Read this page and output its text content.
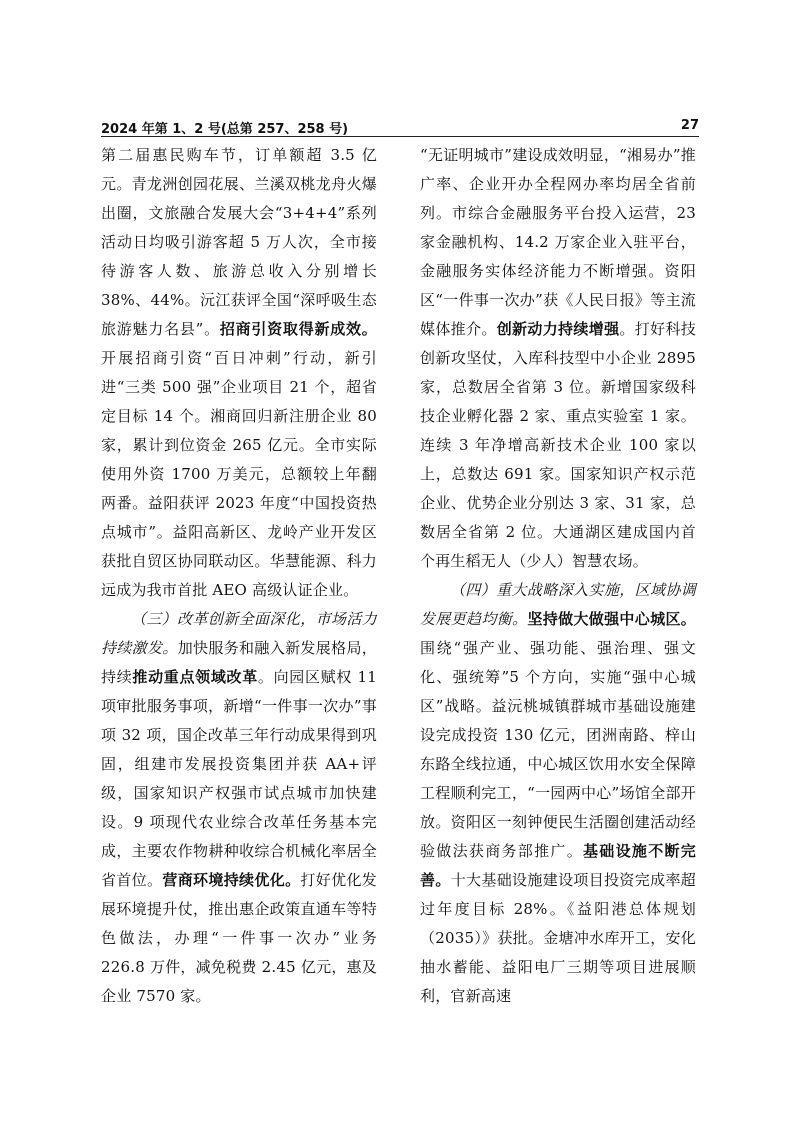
2024 年第 1、2 号(总第 257、258 号)	27

第二届惠民购车节，订单额超 3.5 亿元。青龙洲创园花展、兰溪双桃龙舟火爆出圈，文旅融合发展大会“3+4+4”系列活动日均吸引游客超 5 万人次，全市接待游客人数、旅游总收入分别增长 38%、44%。沅江获评全国“深呼吸生态旅游魅力名县”。招商引资取得新成效。开展招商引资“百日冲刺”行动，新引进“三类 500 强”企业项目 21 个，超省定目标 14 个。湘商回归新注册企业 80 家，累计到位资金 265 亿元。全市实际使用外资 1700 万美元，总额较上年翻两番。益阳获评 2023 年度“中国投资热点城市”。益阳高新区、龙岭产业开发区获批自贸区协同联动区。华慧能源、科力远成为我市首批 AEO 高级认证企业。

（三）改革创新全面深化，市场活力持续激发。加快服务和融入新发展格局，持续推动重点领域改革。向园区赋权 11 项审批服务事项，新增“一件事一次办”事项 32 项，国企改革三年行动成果得到巩固，组建市发展投资集团并获 AA+评级，国家知识产权强市试点城市加快建设。9 项现代农业综合改革任务基本完成，主要农作物耕种收综合机械化率居全省首位。营商环境持续优化。打好优化发展环境提升仗，推出惠企政策直通车等特色做法，办理“一件事一次办”业务 226.8 万件，减免税费 2.45 亿元，惠及企业 7570 家。

“无证明城市”建设成效明显，“湘易办”推广率、企业开办全程网办率均居全省前列。市综合金融服务平台投入运营，23 家金融机构、14.2 万家企业入驻平台，金融服务实体经济能力不断增强。资阳区“一件事一次办”获《人民日报》等主流媒体推介。创新动力持续增强。打好科技创新攻坚仗，入库科技型中小企业 2895 家，总数居全省第 3 位。新增国家级科技企业孵化器 2 家、重点实验室 1 家。连续 3 年净增高新技术企业 100 家以上，总数达 691 家。国家知识产权示范企业、优势企业分别达 3 家、31 家，总数居全省第 2 位。大通湖区建成国内首个再生稻无人（少人）智慧农场。

（四）重大战略深入实施，区域协调发展更趋均衡。坚持做大做强中心城区。围绕“强产业、强功能、强治理、强文化、强统筹”5 个方向，实施“强中心城区”战略。益沅桃城镇群城市基础设施建设完成投资 130 亿元，团洲南路、梓山东路全线拉通，中心城区饮用水安全保障工程顺利完工，“一园两中心”场馆全部开放。资阳区一刻钟便民生活圈创建活动经验做法获商务部推广。基础设施不断完善。十大基础设施建设项目投资完成率超过年度目标 28%。《益阳港总体规划（2035）》获批。金塘冲水库开工，安化抽水蓄能、益阳电厂三期等项目进展顺利，官新高速
